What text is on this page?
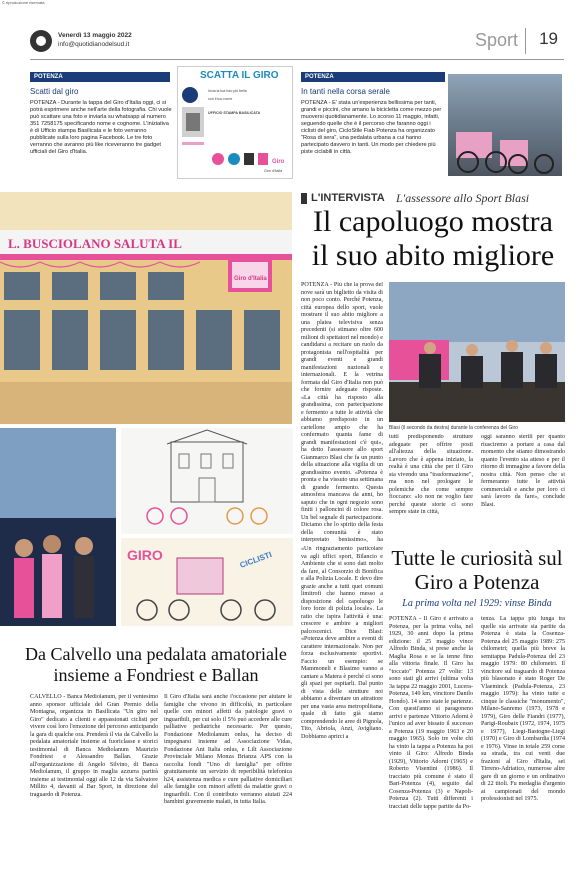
© riproduzione riservata
Venerdì 13 maggio 2022
info@quotidianodelsud.it	Sport 19
POTENZA
Scatti dal giro
POTENZA - Durante la tappa del Giro d'Italia oggi, ci si potrà esprimere anche nell'arte della fotografia. Chi vuole può scattare una foto e inviarla su whatsapp al numero 351 7258175 specificando nome e cognome. L'iniziativa è di Ufficio stampa Basilicata e le foto verranno pubblicate sulla loro pagina Facebook. Le tre foto verranno che avranno più like riceveranno tre gadget ufficiali del Giro d'Italia.
Giro
SCATTA IL GIRO
Invia la tua foto più bella
con il tuo nome
UFFICIO STAMPA BASILICATA
Giro d'Italia
POTENZA
In tanti nella corsa serale
POTENZA - E' stata un'esperienza bellissima per tanti, grandi e piccini, che amano la bicicletta come mezzo per muoversi quotidianamente. Lo scorso 11 maggio, infatti, seguendo quelle che è il percorso che faranno oggi i ciclisti del giro, CicloStile Fiab Potenza ha organizzato "Rosa di sera", una pedalata urbana a cui hanno partecipato davvero in tanti. Un modo per chiedere più piste ciclabili in città.
L. BUSCIOLANO SALUTA IL
Giro d'Italia
GIRO	CICLISTI
L'INTERVISTA L'assessore allo Sport Blasi
Il capoluogo mostra il suo abito migliore
POTENZA - Più che la prova del nove sarà un biglietto da visita di non poco conto. Perché Potenza, città europea dello sport, vuole mostrare il suo abito migliore a una platea televisiva senza precedenti (si stimano oltre 600 milioni di spettatori nel mondo) e candidarsi a recitare un ruolo da protagonista nell'ospitalità per grandi eventi e grandi manifestazioni nazionali e internazionali. E la vetrina formata dal Giro d'Italia non può che fornire adeguate risposte. «La città ha risposto alla grandissima, con partecipazione e fermento a tutte le attività che abbiamo predisposto in un cartellone ampio che ha confermato quanta fame di grandi manifestazioni c'è qui», ha detto l'assessore allo sport Gianmarco Blasi che fa un punto della situazione alla vigilia di un grandissimo evento. «Potenza è pronta e ha vissuto una settimana di grande fermento. Questa atmosfera mancava da anni, ho saputo che in ogni negozio sono finiti i palloncini di colore rosa. Un bel segnale di partecipazione. Diciamo che lo spirito della festa della comunità è stato interpretato benissimo», ha
«Un ringraziamento particolare va agli uffici sport, Bilancio e Ambiente che si sono dati molto da fare, al Consorzio di Bonifica e alla Polizia Locale. E devo dire grazie anche a tutti quei comuni limitrofi che hanno messo a disposizione del capoluogo le loro forze di polizia locale». La ratio che ispira l'attività è una: crescere e ambire a migliori palcoscenici. Dice Blasi: «Potenza deve ambire a eventi di carattere internazionale. Non per forza esclusivamente sportivi. Faccio un esempio: se Mammoneli e Blasimo vanno a cantare a Matera è perché ci sono gli spazi per ospitarli. Dal punto di vista delle strutture noi abbiamo a diventare un attrattore per una vasta area metropolitana, quale di fatto già siamo comprendendo le aree di Pignola, Tito, Abriola, Anzi, Avigliano. Dobbiamo aprirci a
Blasi (il secondo da destra) durante la conferenza del Giro
tutti predisponendo strutture adeguate per offrire posti all'altezza della situazione. Lavoro che è appena iniziato, la realtà è una città che per il Giro sta vivendo una "trasformazione", ma non nel prologare le polemiche che come sempre fioccano: «Io non ne voglio fare perché queste storie ci sono sempre state in città,
oggi saranno sterili per quanto riusciremo a portare a casa dal momento che stiamo dimostrando quanto l'evento sia atteso e per il ritorno di immagine a favore della nostra città. Non penso che si fermeranno tutte le attività commerciali e anche per loro ci sarà lavoro da fare», conclude Blasi.
Tutte le curiosità sul Giro a Potenza
La prima volta nel 1929: vinse Binda
POTENZA - Il Giro è arrivato a Potenza, per la prima volta, nel 1929, 30 anni dopo la prima edizione: il 25 maggio vince Alfredo Binda, si prese anche la Maglia Rosa e se la tenne fino alla vittoria finale. Il Giro ha "toccato" Potenza 27 volte: 13 sono stati gli arrivi (ultima volta 3a tappa 22 maggio 2001, Lucera-Potenza, 149 km, vincitore Danilo Hondo). 14 sono state le partenze. Con questi'anno si paragoneno arrivi e partenze Vittorio Adorni è l'unico ad aver bissato il successo a Potenza (19 maggio 1963 e 20 maggio 1965). Solo tre volte chi ha vinto la tappa a Potenza ha poi vinto il Giro: Alfredo Binda (1929), Vittorio Adorni (1965) e Roberto Visentini (1986). Il tracciato più comune è stato il Bari-Potenza (4), seguito dal Cosenza-Potenza (3) e Napoli-Potenza (2). Tutti differenti i tracciati delle tappe partite da Po-
tenza. La tappa più lunga tra quelle sia arrivate sia partite da Potenza è stata la Cosenza-Potenza del 25 maggio 1989: 275 chilometri; quella più breve la semitappa Padula-Potenza del 23 maggio 1979: 80 chilometri. Il vincitore sul traguardo di Potenza più blasonato è stato Roger De Vlaeminck (Padula-Potenza, 23 maggio 1979): ha vinto tutte e cinque le classiche "monumento", Milano-Sanremo (1973, 1978 e 1979), Giro delle Fiandri (1977), Parigi-Roubaix (1972, 1974, 1975 e 1977), Liegi-Bastogne-Liegi (1970) e Giro di Lombardia (1974 e 1976). Vinse in totale 259 corse su strada, tra cui venti due frazioni al Giro d'Italia, sei Tirreno-Adriatico, numerose altre gare di un giorno e un ordinativo di 22 titoli. Fu medaglia d'argento ai campionati del mondo professionisti nel 1975.
Da Calvello una pedalata amatoriale insieme a Fondriest e Ballan
CALVELLO - Banca Mediolanum, per il ventesimo anno sponsor ufficiale del Gran Premio della Montagna, organizza in Basilicata "Un giro nel Giro" dedicato a clienti e appassionati ciclisti per vivere così loro l'emozione del percorso anticipando la gara di qualche ora. Prenderà il via da Calvello la pedalata amatoriale insieme ai fuoriclasse e storici testimonial di Banca Mediolanum Maurizio Fondriest e Alessandro Ballan. Grazie all'organizzazione di Angelo Silvino, di Banca Mediolanum, il gruppo in maglia azzurra partirà insieme ai testimonial oggi alle 12 da via Salvatore Millito 4, davanti al Bar Sport, in direzione del traguardo di Potenza.
Il Giro d'Italia sarà anche l'occasione per aiutare le famiglie che vivono in difficoltà, in particolare quelle con minori affetti da patologie gravi o inguaribili, per cui solo il 5% può accedere alle cure palliative pediatriche necessarie. Per questo, Fondazione Mediolanum onlus, ha deciso di impegnarsi insieme ad Associazione Vidas, Fondazione Ant Italia onlus, e Lilt Associazione Provinciale Milano Monza Brianza APS con la raccolta fondi "Uno di famiglia" per offrire gratuitamente un servizio di reperibilità telefonica h24, assistenza medica e cure palliative domiciliari alle famiglie con minori affetti da malattie gravi o inguaribili. Con il contributo verranno aiutati 224 bambini gravemente malati, in tutta Italia.
